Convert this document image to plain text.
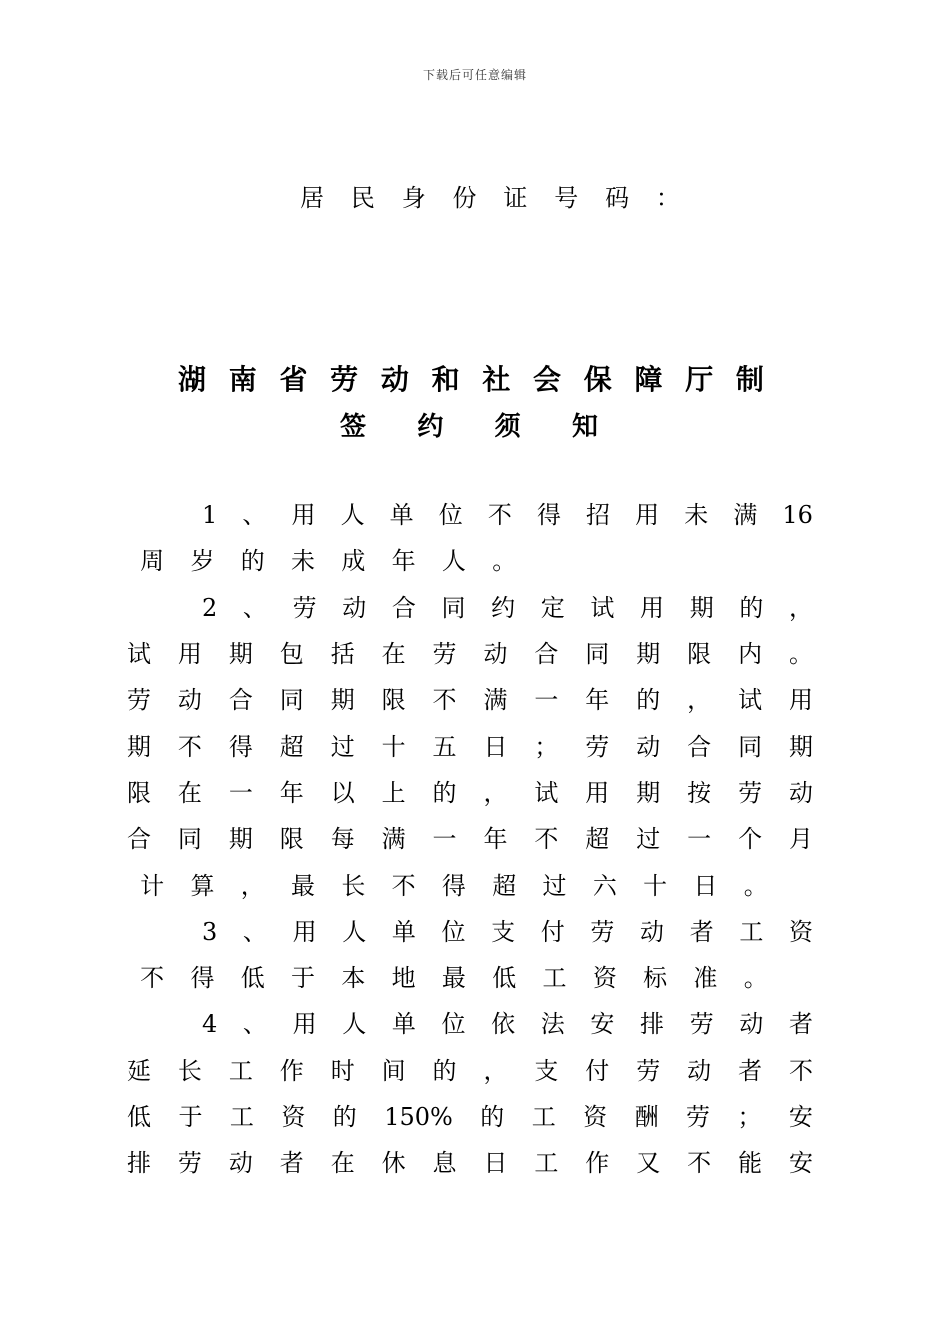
下载后可任意编辑
居 民 身 份 证 号 码 ：
湖 南 省 劳 动 和 社 会 保 障 厅 制
签 约 须 知
1 、 用 人 单 位 不 得 招 用 未 满 16
周	岁	的	未	成	年	人	。
2 、 劳 动 合 同 约 定 试 用 期 的 ，
试 用 期 包 括 在 劳 动 合 同 期 限 内 。
劳 动 合 同 期 限 不 满 一 年 的 ， 试 用
期 不 得 超 过 十 五 日 ； 劳 动 合 同 期
限 在 一 年 以 上 的 ， 试 用 期 按 劳 动
合 同 期 限 每 满 一 年 不 超 过 一 个 月
计	算	，	最	长	不	得	超	过	六	十	日	。
3 、 用 人 单 位 支 付 劳 动 者 工 资
不	得	低	于	本	地	最	低	工	资	标	准	。
4 、 用 人 单 位 依 法 安 排 劳 动 者
延 长 工 作 时 间 的 ， 支 付 劳 动 者 不
低 于 工 资 的 150% 的 工 资 酬 劳 ； 安
排 劳 动 者 在 休 息 日 工 作 又 不 能 安
